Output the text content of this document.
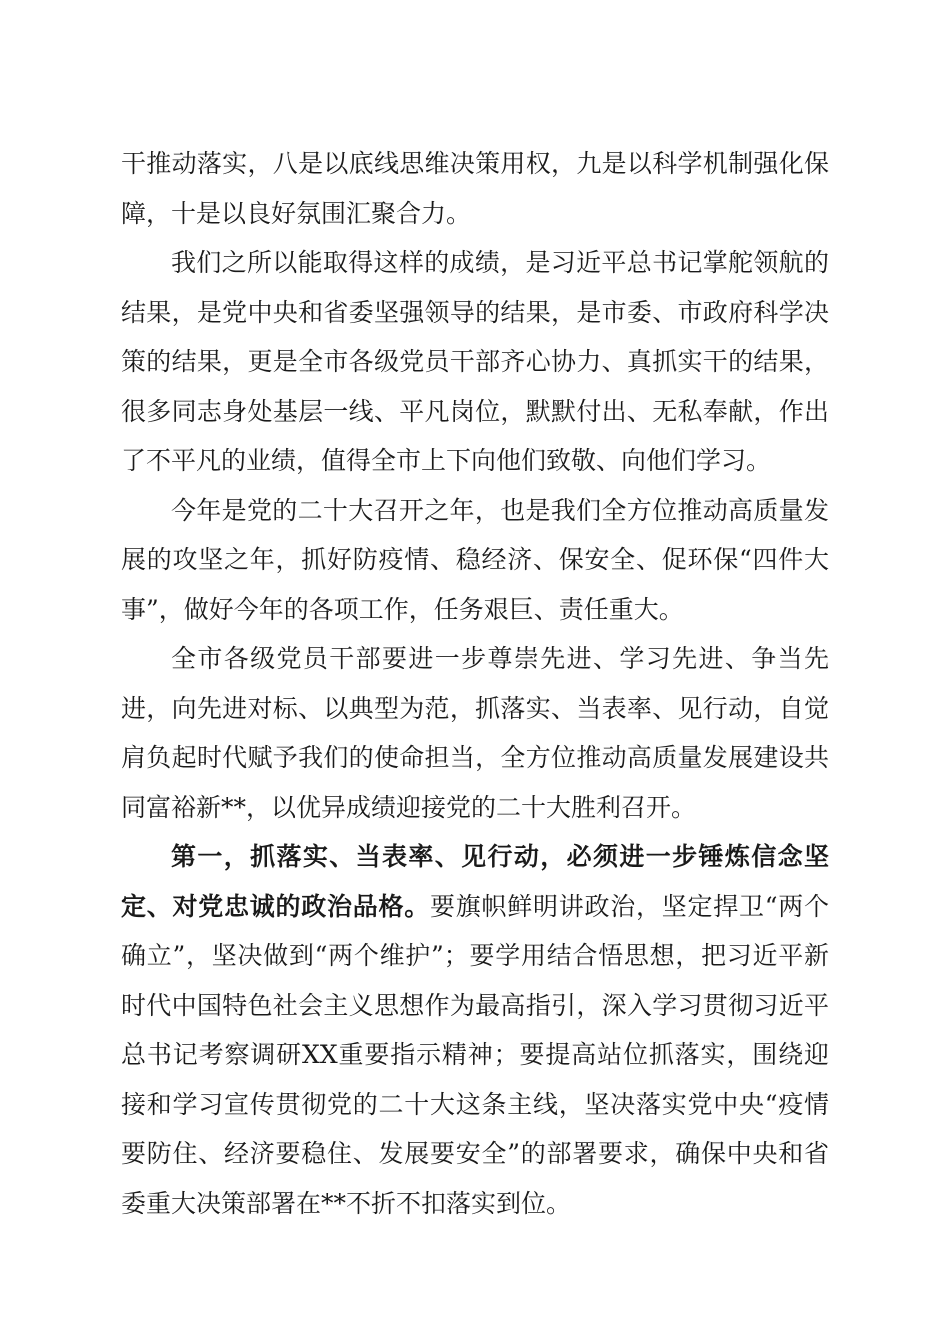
干推动落实，八是以底线思维决策用权，九是以科学机制强化保障，十是以良好氛围汇聚合力。

我们之所以能取得这样的成绩，是习近平总书记掌舵领航的结果，是党中央和省委坚强领导的结果，是市委、市政府科学决策的结果，更是全市各级党员干部齐心协力、真抓实干的结果，很多同志身处基层一线、平凡岗位，默默付出、无私奉献，作出了不平凡的业绩，值得全市上下向他们致敬、向他们学习。

今年是党的二十大召开之年，也是我们全方位推动高质量发展的攻坚之年，抓好防疫情、稳经济、保安全、促环保“四件大事”，做好今年的各项工作，任务艰巨、责任重大。

全市各级党员干部要进一步尊崇先进、学习先进、争当先进，向先进对标、以典型为范，抓落实、当表率、见行动，自觉肩负起时代赋予我们的使命担当，全方位推动高质量发展建设共同富裕新**，以优异成绩迎接党的二十大胜利召开。

第一，抓落实、当表率、见行动，必须进一步锤炼信念坚定、对党忠诚的政治品格。要旗帜鲜明讲政治，坚定捍卫“两个确立”，坚决做到“两个维护”；要学用结合悟思想，把习近平新时代中国特色社会主义思想作为最高指引，深入学习贯彻习近平总书记考察调研XX重要指示精神；要提高站位抓落实，围绕迎接和学习宣传贯彻党的二十大这条主线，坚决落实党中央“疫情要防住、经济要稳住、发展要安全”的部署要求，确保中央和省委重大决策部署在**不折不扣落实到位。
